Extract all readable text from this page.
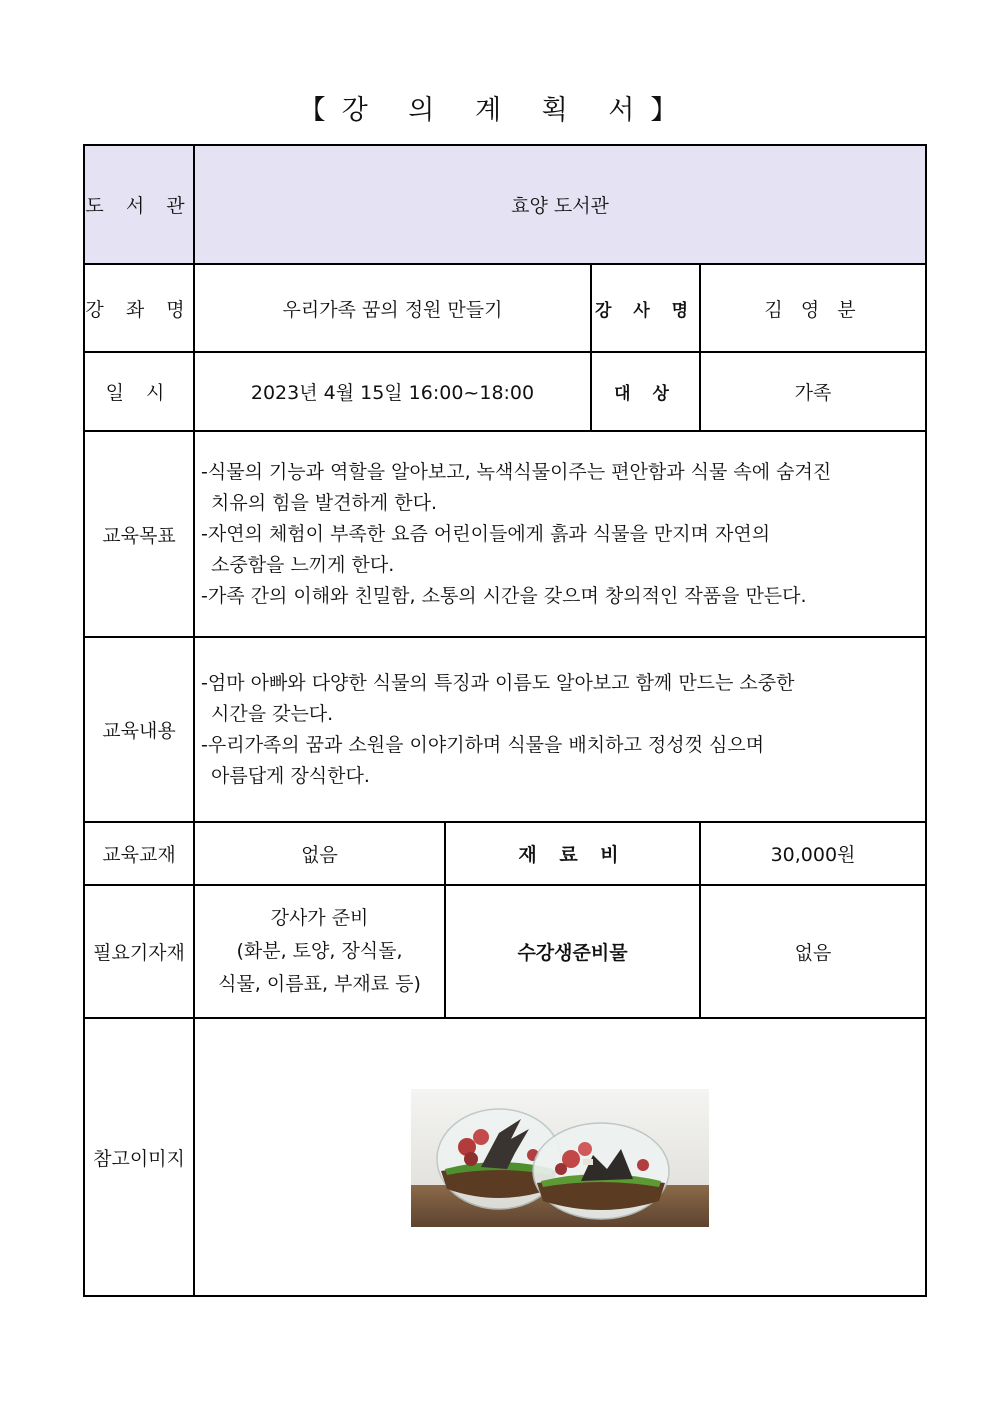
【강 의 계 획 서】
도 서 관	효양 도서관			
강 좌 명	우리가족 꿈의 정원 만들기		강 사 명	김 영 분
일 시	2023년 4월 15일 16:00~18:00		대 상	가족
교육목표	-식물의 기능과 역할을 알아보고, 녹색식물이주는 편안함과 식물 속에 숨겨진

치유의 힘을 발견하게 한다.

-자연의 체험이 부족한 요즘 어린이들에게 흙과 식물을 만지며 자연의

소중함을 느끼게 한다.

-가족 간의 이해와 친밀함, 소통의 시간을 갖으며 창의적인 작품을 만든다.			

교육내용	-엄마 아빠와 다양한 식물의 특징과 이름도 알아보고 함께 만드는 소중한

시간을 갖는다.

-우리가족의 꿈과 소원을 이야기하며 식물을 배치하고 정성껏 심으며

아름답게 장식한다.			

교육교재	없음	재 료 비		30,000원
필요기자재	강사가 준비
(화분, 토양, 장식돌,
식물, 이름표, 부재료 등)	수강생준비물		없음
참고이미지	
